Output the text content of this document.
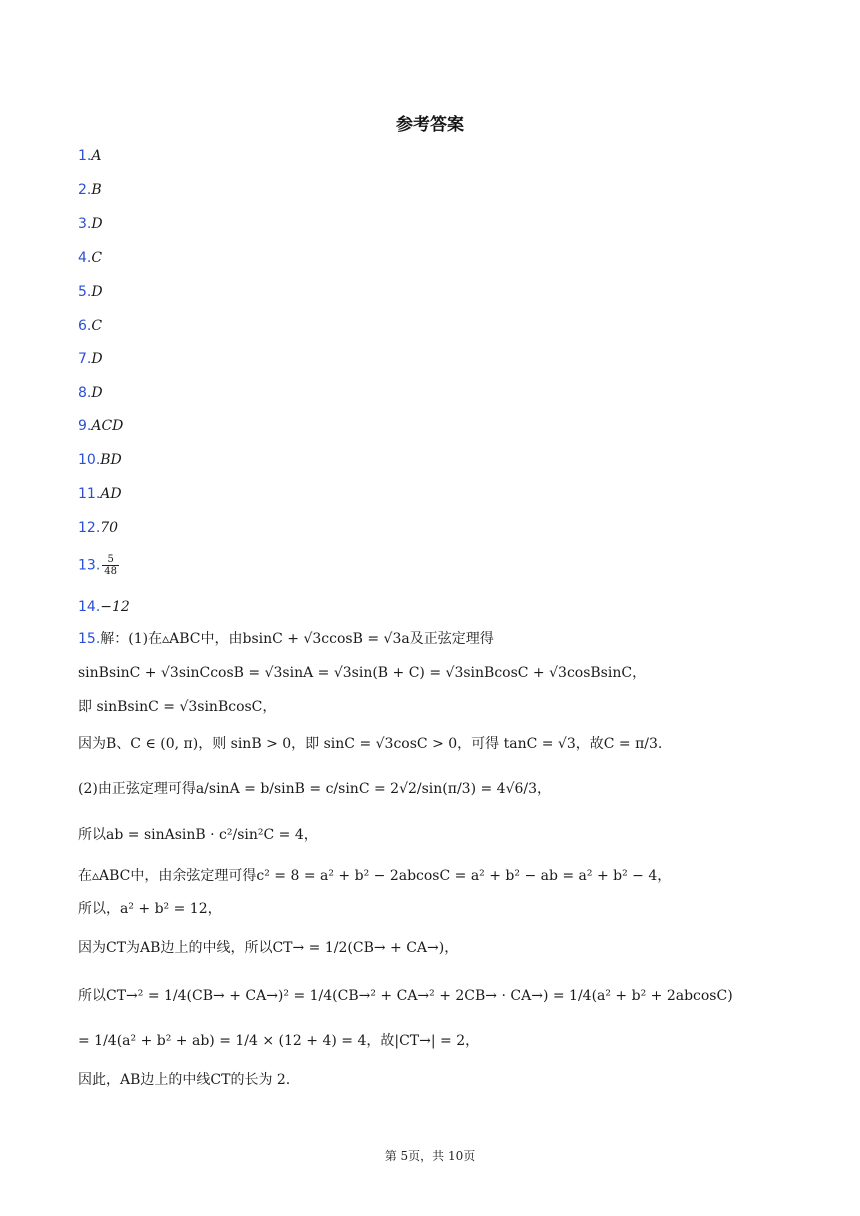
参考答案
1.A
2.B
3.D
4.C
5.D
6.C
7.D
8.D
9.ACD
10.BD
11.AD
12.70
13. $\frac{5}{48}$
14.−12
15.解：(1)在▵ABC中，由bsinC + √3ccosB = √3a及正弦定理得
sinBsinC + √3sinCcosB = √3sinA = √3sin(B + C) = √3sinBcosC + √3cosBsinC，
即 sinBsinC = √3sinBcosC，
因为B、C ∈ (0, π)，则 sinB > 0，即 sinC = √3cosC > 0，可得 tanC = √3，故C = π/3.
(2)由正弦定理可得a/sinA = b/sinB = c/sinC = 2√2/sin(π/3) = 4√6/3，
所以ab = sinAsinB · c²/sin²C = 4，
在▵ABC中，由余弦定理可得c² = 8 = a² + b² − 2abcosC = a² + b² − ab = a² + b² − 4，
所以，a² + b² = 12，
因为CT为AB边上的中线，所以CT→ = 1/2(CB→ + CA→)，
所以CT→² = 1/4(CB→ + CA→)² = 1/4(CB→² + CA→² + 2CB→ · CA→) = 1/4(a² + b² + 2abcosC)
= 1/4(a² + b² + ab) = 1/4 × (12 + 4) = 4，故|CT→| = 2，
因此，AB边上的中线CT的长为 2.
第 5页，共 10页
